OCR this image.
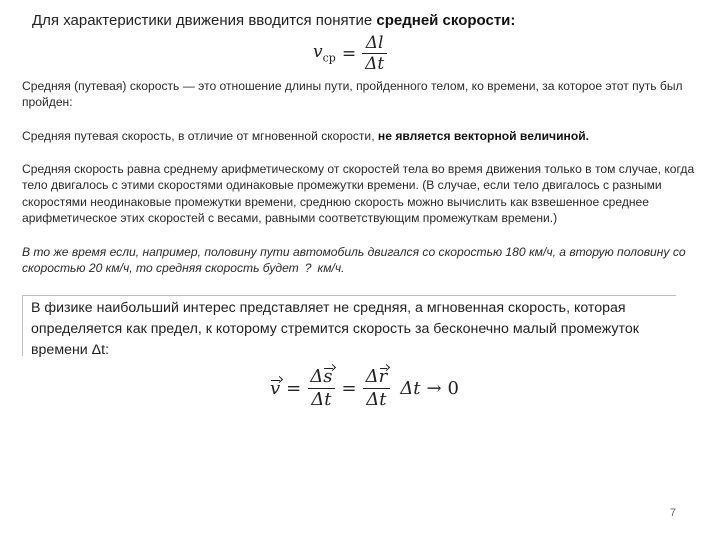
Для характеристики движения вводится понятие средней скорости:
$v_{ср} = \frac{\Delta l}{\Delta t}$
Средняя (путевая) скорость — это отношение длины пути, пройденного телом, ко времени, за которое этот путь был пройден:
Средняя путевая скорость, в отличие от мгновенной скорости, не является векторной величиной.
Средняя скорость равна среднему арифметическому от скоростей тела во время движения только в том случае, когда тело двигалось с этими скоростями одинаковые промежутки времени. (В случае, если тело двигалось с разными скоростями неодинаковые промежутки времени, среднюю скорость можно вычислить как взвешенное среднее арифметическое этих скоростей с весами, равными соответствующим промежуткам времени.)
В то же время если, например, половину пути автомобиль двигался со скоростью 180 км/ч, а вторую половину со скоростью 20 км/ч, то средняя скорость будет ? км/ч.
В физике наибольший интерес представляет не средняя, а мгновенная скорость, которая определяется как предел, к которому стремится скорость за бесконечно малый промежуток времени Δt:
$v = \frac{\Delta s}{\Delta t} = \frac{\Delta r}{\Delta t}$ Δt → 0
7
